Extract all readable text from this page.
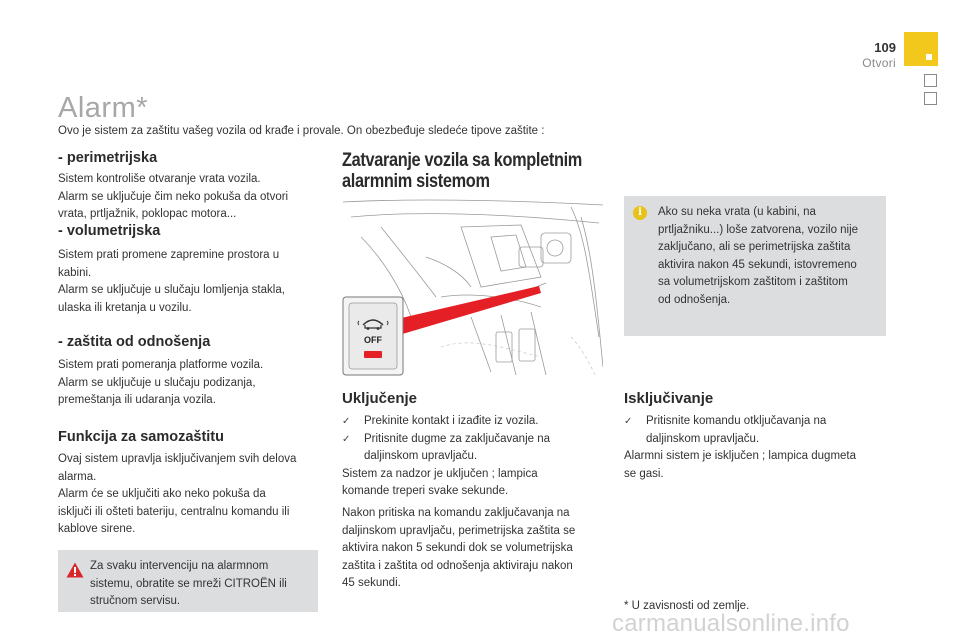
109
Otvori
Alarm*
Ovo je sistem za zaštitu vašeg vozila od krađe i provale. On obezbeđuje sledeće tipove zaštite :
- perimetrijska

Sistem kontroliše otvaranje vrata vozila.

Alarm se uključuje čim neko pokuša da otvori

vrata, prtljažnik, poklopac motora...

- volumetrijska

Sistem prati promene zapremine prostora u

kabini.

Alarm se uključuje u slučaju lomljenja stakla,

ulaska ili kretanja u vozilu.

- zaštita od odnošenja

Sistem prati pomeranja platforme vozila.

Alarm se uključuje u slučaju podizanja,

premeštanja ili udaranja vozila.

Funkcija za samozaštitu

Ovaj sistem upravlja isključivanjem svih delova

alarma.

Alarm će se uključiti ako neko pokuša da

isključi ili ošteti bateriju, centralnu komandu ili

kablove sirene.

Za svaku intervenciju na alarmnom

sistemu, obratite se mreži CITROËN ili

stručnom servisu.

Zatvaranje vozila sa kompletnim
alarmnim sistemom
OFF
Uključenje
✓ Prekinite kontakt i izađite iz vozila.
✓ Pritisnite dugme za zaključavanje na
daljinskom upravljaču.

Sistem za nadzor je uključen ; lampica

komande treperi svake sekunde.

Nakon pritiska na komandu zaključavanja na

daljinskom upravljaču, perimetrijska zaštita se

aktivira nakon 5 sekundi dok se volumetrijska

zaštita i zaštita od odnošenja aktiviraju nakon

45 sekundi.

i	Ako su neka vrata (u kabini, na

prtljažniku...) loše zatvorena, vozilo nije

zaključano, ali se perimetrijska zaštita

aktivira nakon 45 sekundi, istovremeno

sa volumetrijskom zaštitom i zaštitom

od odnošenja.

Isključivanje
✓ Pritisnite komandu otključavanja na
daljinskom upravljaču.

Alarmni sistem je isključen ; lampica dugmeta

se gasi.

* U zavisnosti od zemlje.
carmanualsonline.info
